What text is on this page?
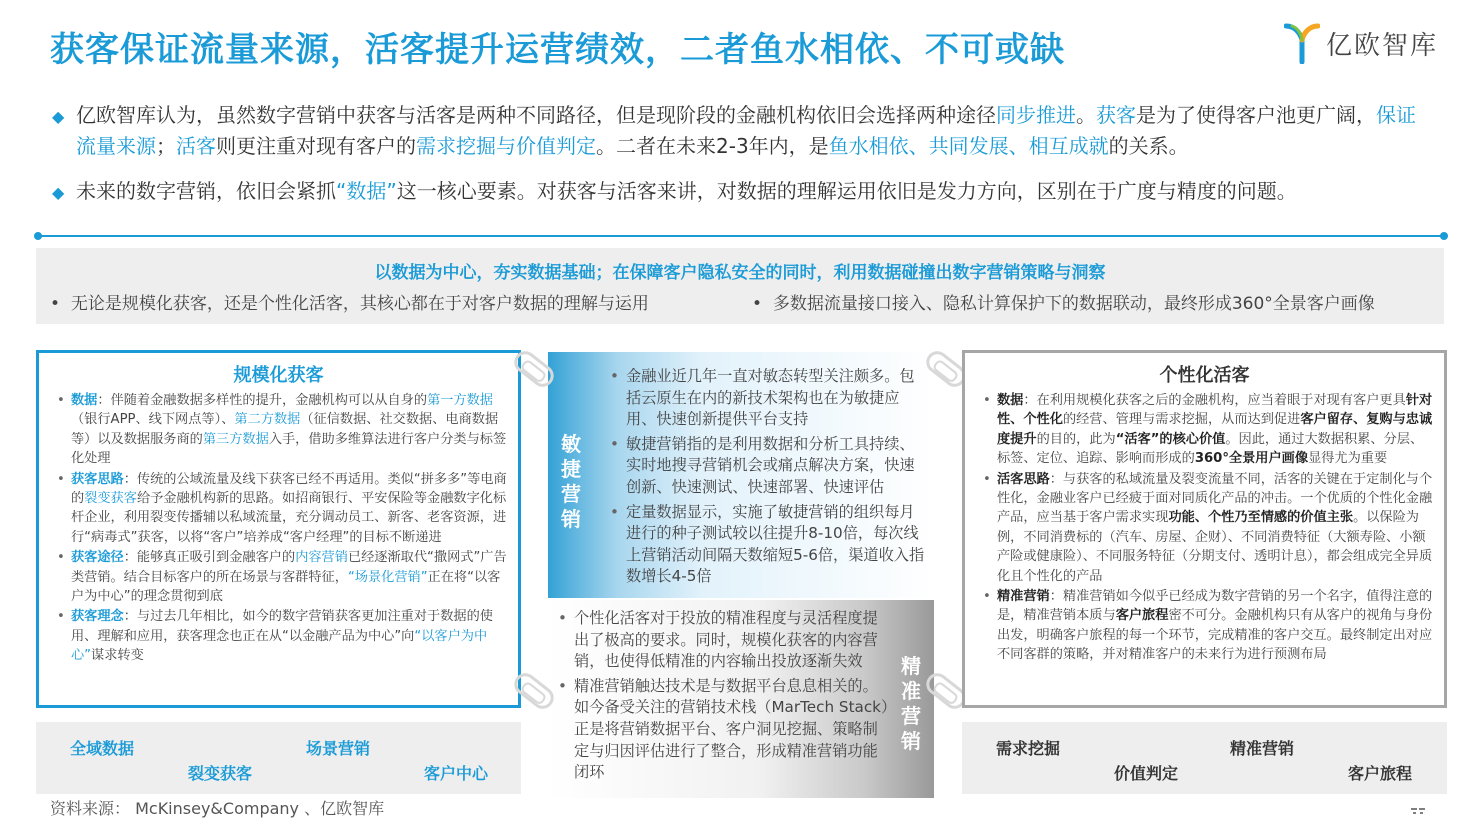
获客保证流量来源，活客提升运营绩效，二者鱼水相依、不可或缺	亿欧智库
◆ 亿欧智库认为，虽然数字营销中获客与活客是两种不同路径，但是现阶段的金融机构依旧会选择两种途径同步推进。获客是为了使得客户池更广阔，保证流量来源；活客则更注重对现有客户的需求挖掘与价值判定。二者在未来2-3年内，是鱼水相依、共同发展、相互成就的关系。
◆ 未来的数字营销，依旧会紧抓“数据”这一核心要素。对获客与活客来讲，对数据的理解运用依旧是发力方向，区别在于广度与精度的问题。
以数据为中心，夯实数据基础；在保障客户隐私安全的同时，利用数据碰撞出数字营销策略与洞察
•  无论是规模化获客，还是个性化活客，其核心都在于对客户数据的理解与运用	•  多数据流量接口接入、隐私计算保护下的数据联动，最终形成360°全景客户画像
规模化获客
• 数据：伴随着金融数据多样性的提升，金融机构可以从自身的第一方数据（银行APP、线下网点等）、第二方数据（征信数据、社交数据、电商数据等）以及数据服务商的第三方数据入手，借助多维算法进行客户分类与标签化处理
• 获客思路：传统的公域流量及线下获客已经不再适用。类似“拼多多”等电商的裂变获客给予金融机构新的思路。如招商银行、平安保险等金融数字化标杆企业，利用裂变传播辅以私域流量，充分调动员工、新客、老客资源，进行“病毒式”获客，以将“客户”培养成“客户经理”的目标不断递进
• 获客途径：能够真正吸引到金融客户的内容营销已经逐渐取代“撒网式”广告类营销。结合目标客户的所在场景与客群特征，“场景化营销”正在将“以客户为中心”的理念贯彻到底
• 获客理念：与过去几年相比，如今的数字营销获客更加注重对于数据的使用、理解和应用，获客理念也正在从“以金融产品为中心”向“以客户为中心”谋求转变
敏捷营销
• 金融业近几年一直对敏态转型关注颇多。包括云原生在内的新技术架构也在为敏捷应用、快速创新提供平台支持
• 敏捷营销指的是利用数据和分析工具持续、实时地搜寻营销机会或痛点解决方案，快速创新、快速测试、快速部署、快速评估
• 定量数据显示，实施了敏捷营销的组织每月进行的种子测试较以往提升8-10倍，每次线上营销活动间隔天数缩短5-6倍，渠道收入指数增长4-5倍
• 个性化活客对于投放的精准程度与灵活程度提出了极高的要求。同时，规模化获客的内容营销，也使得低精准的内容输出投放逐渐失效
• 精准营销触达技术是与数据平台息息相关的。如今备受关注的营销技术栈（MarTech Stack）正是将营销数据平台、客户洞见挖掘、策略制定与归因评估进行了整合，形成精准营销功能闭环
精准营销
个性化活客
• 数据：在利用规模化获客之后的金融机构，应当着眼于对现有客户更具针对性、个性化的经营、管理与需求挖掘，从而达到促进客户留存、复购与忠诚度提升的目的，此为“活客”的核心价值。因此，通过大数据积累、分层、标签、定位、追踪、影响而形成的360°全景用户画像显得尤为重要
• 活客思路：与获客的私域流量及裂变流量不同，活客的关键在于定制化与个性化，金融业客户已经疲于面对同质化产品的冲击。一个优质的个性化金融产品，应当基于客户需求实现功能、个性乃至情感的价值主张。以保险为例，不同消费标的（汽车、房屋、企财）、不同消费特征（大额寿险、小额产险或健康险）、不同服务特征（分期支付、透明计息），都会组成完全异质化且个性化的产品
• 精准营销：精准营销如今似乎已经成为数字营销的另一个名字，值得注意的是，精准营销本质与客户旅程密不可分。金融机构只有从客户的视角与身份出发，明确客户旅程的每一个环节，完成精准的客户交互。最终制定出对应不同客群的策略，并对精准客户的未来行为进行预测布局
全域数据	场景营销
裂变获客	客户中心
需求挖掘	精准营销
价值判定	客户旅程
资料来源： McKinsey&Company 、亿欧智库
